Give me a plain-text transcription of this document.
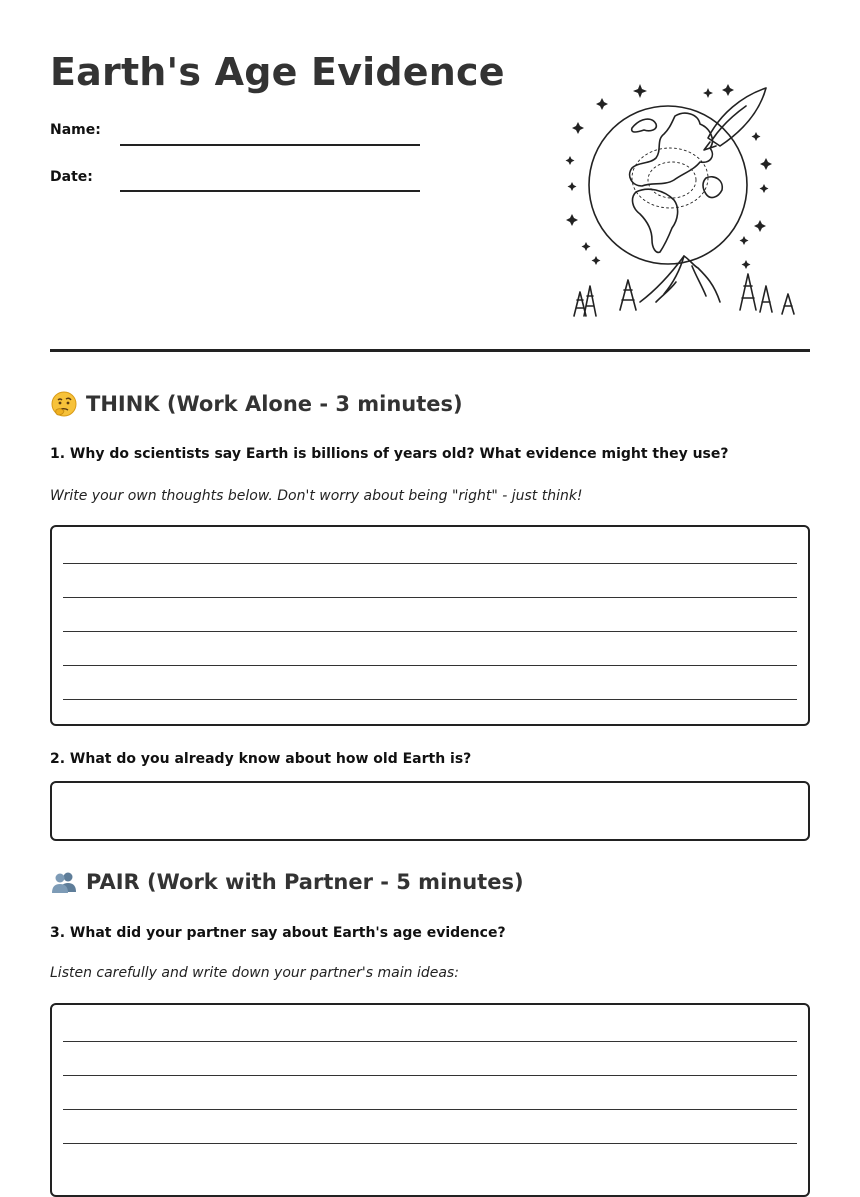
Earth's Age Evidence
Name:
Date:
THINK (Work Alone - 3 minutes)

1. Why do scientists say Earth is billions of years old? What evidence might they use?

Write your own thoughts below. Don't worry about being "right" - just think!

2. What do you already know about how old Earth is?

PAIR (Work with Partner - 5 minutes)

3. What did your partner say about Earth's age evidence?

Listen carefully and write down your partner's main ideas:
